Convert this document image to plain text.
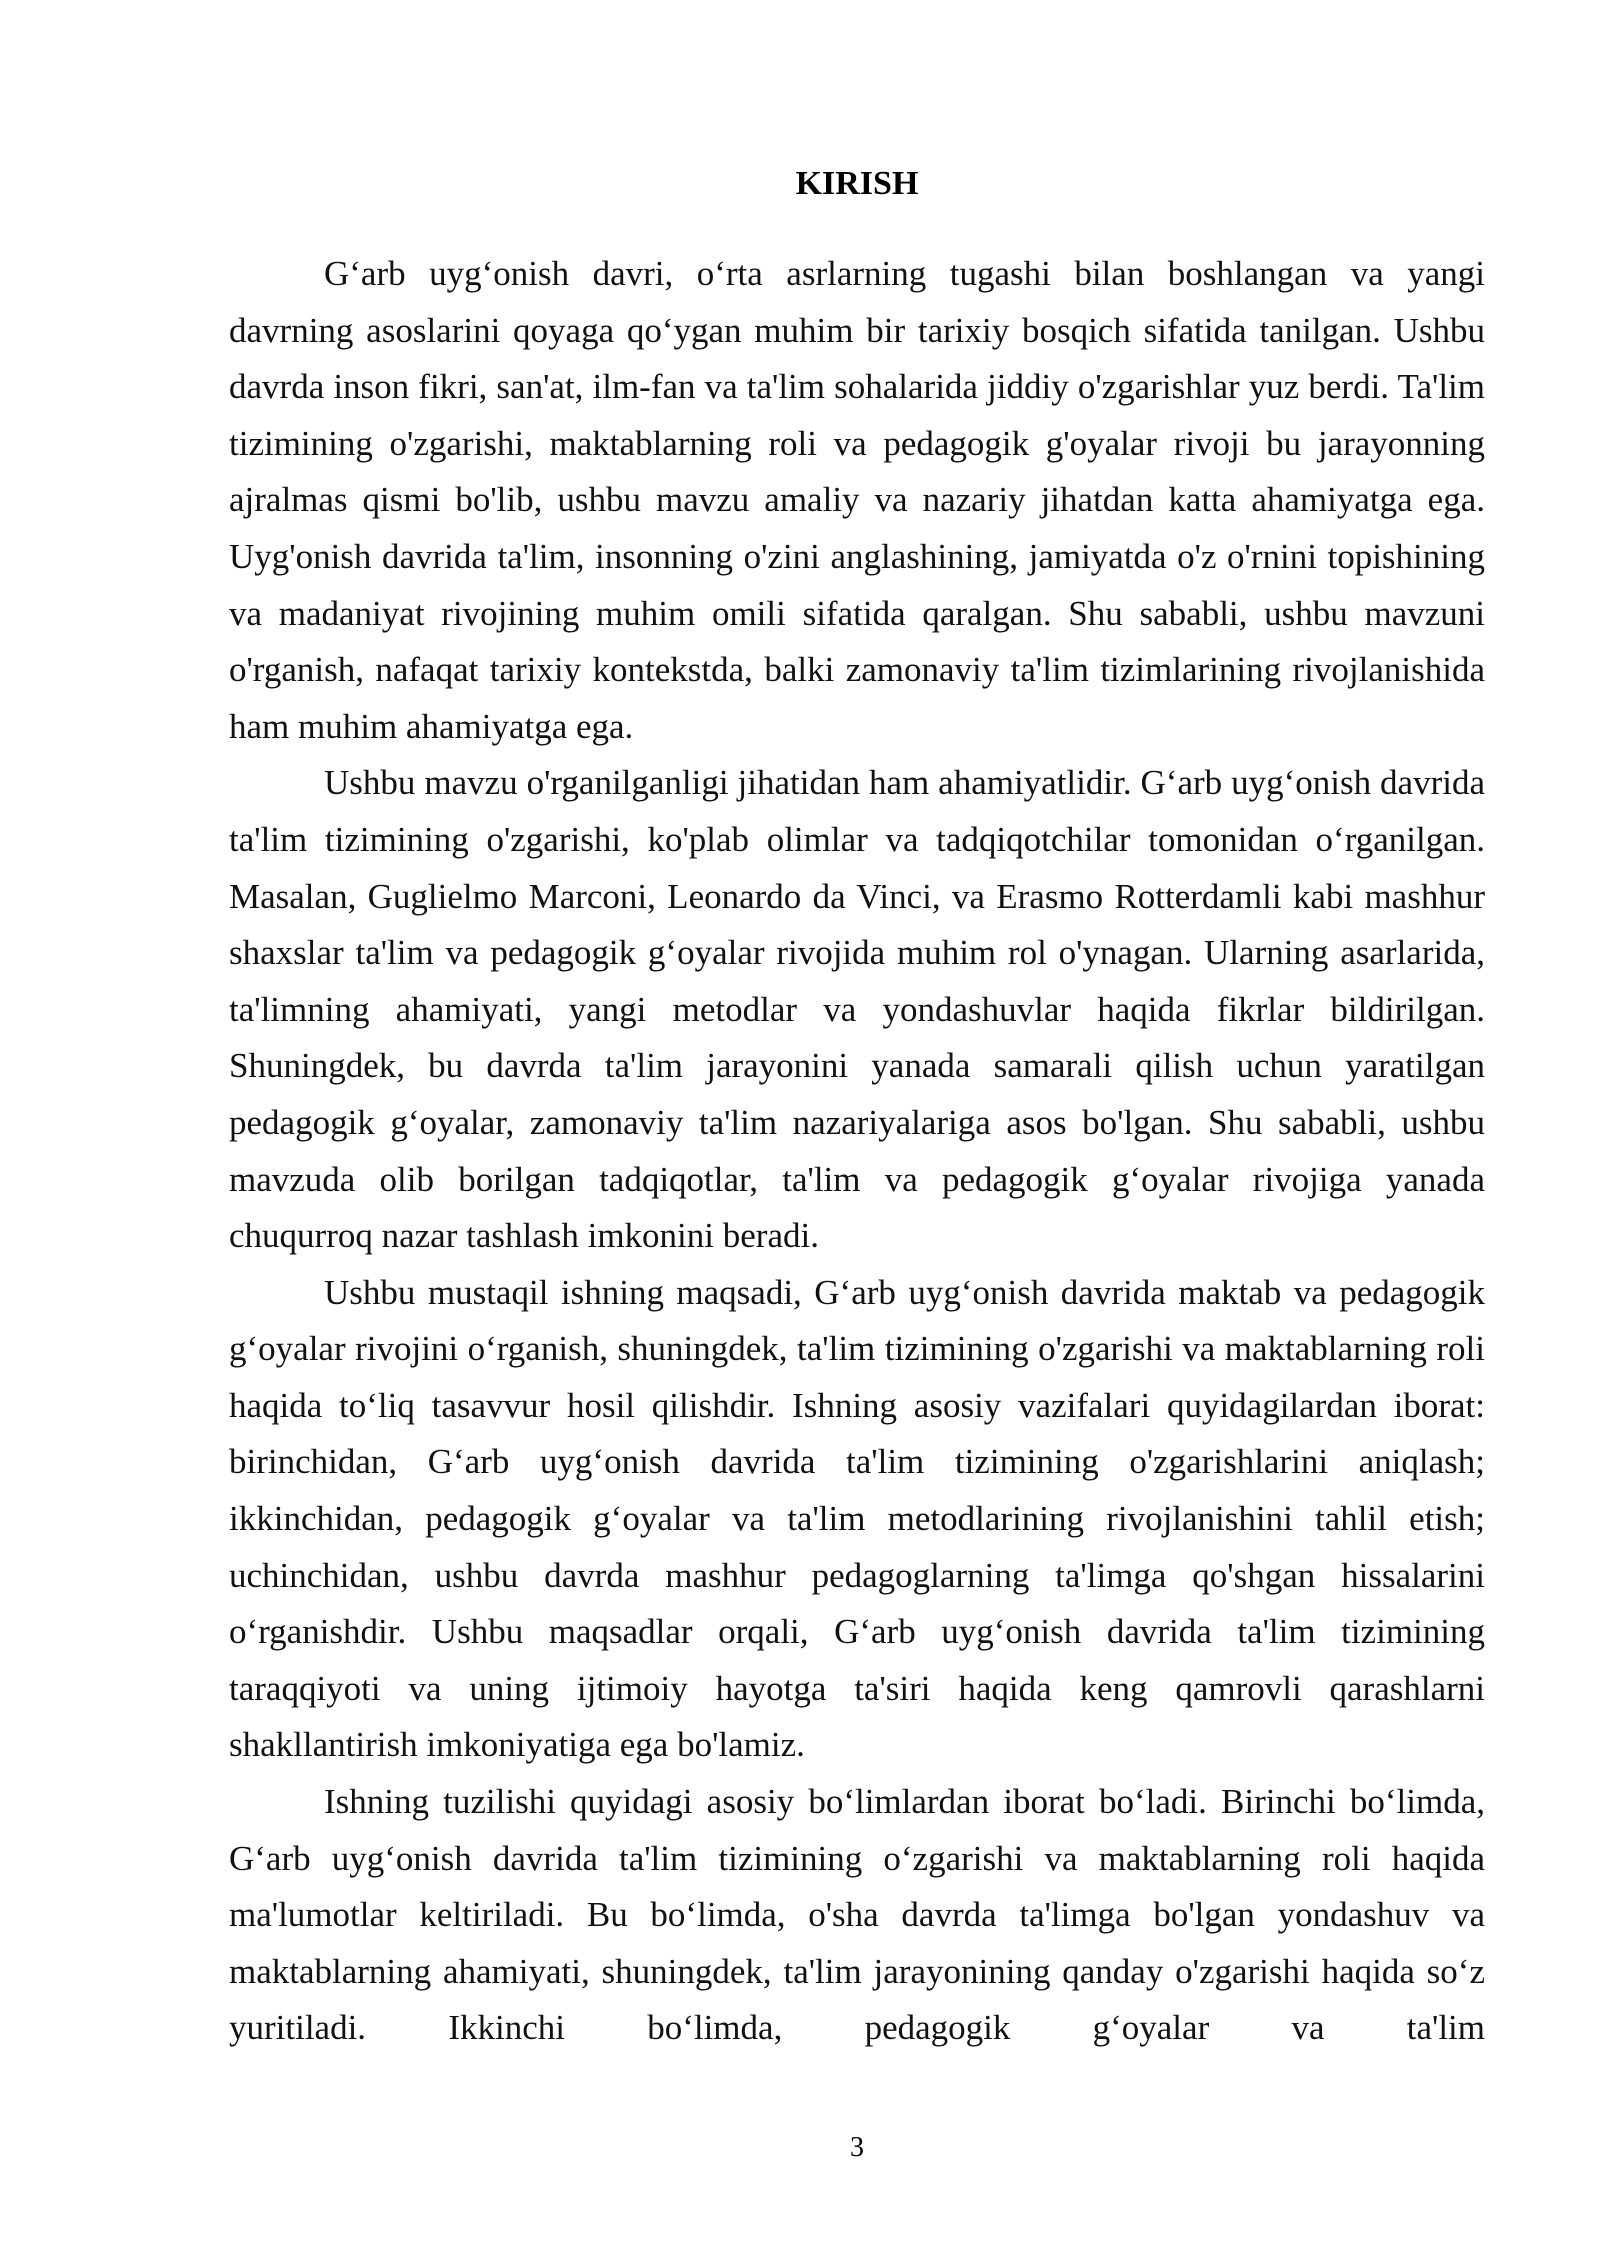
KIRISH

G‘arb uyg‘onish davri, o‘rta asrlarning tugashi bilan boshlangan va yangi davrning asoslarini qoyaga qo‘ygan muhim bir tarixiy bosqich sifatida tanilgan. Ushbu davrda inson fikri, san'at, ilm-fan va ta'lim sohalarida jiddiy o'zgarishlar yuz berdi. Ta'lim tizimining o'zgarishi, maktablarning roli va pedagogik g'oyalar rivoji bu jarayonning ajralmas qismi bo'lib, ushbu mavzu amaliy va nazariy jihatdan katta ahamiyatga ega. Uyg'onish davrida ta'lim, insonning o'zini anglashining, jamiyatda o'z o'rnini topishining va madaniyat rivojining muhim omili sifatida qaralgan. Shu sababli, ushbu mavzuni o'rganish, nafaqat tarixiy kontekstda, balki zamonaviy ta'lim tizimlarining rivojlanishida ham muhim ahamiyatga ega.

Ushbu mavzu o'rganilganligi jihatidan ham ahamiyatlidir. G‘arb uyg‘onish davrida ta'lim tizimining o'zgarishi, ko'plab olimlar va tadqiqotchilar tomonidan o‘rganilgan. Masalan, Guglielmo Marconi, Leonardo da Vinci, va Erasmo Rotterdamli kabi mashhur shaxslar ta'lim va pedagogik g‘oyalar rivojida muhim rol o'ynagan. Ularning asarlarida, ta'limning ahamiyati, yangi metodlar va yondashuvlar haqida fikrlar bildirilgan. Shuningdek, bu davrda ta'lim jarayonini yanada samarali qilish uchun yaratilgan pedagogik g‘oyalar, zamonaviy ta'lim nazariyalariga asos bo'lgan. Shu sababli, ushbu mavzuda olib borilgan tadqiqotlar, ta'lim va pedagogik g‘oyalar rivojiga yanada chuqurroq nazar tashlash imkonini beradi.

Ushbu mustaqil ishning maqsadi, G‘arb uyg‘onish davrida maktab va pedagogik g‘oyalar rivojini o‘rganish, shuningdek, ta'lim tizimining o'zgarishi va maktablarning roli haqida to‘liq tasavvur hosil qilishdir. Ishning asosiy vazifalari quyidagilardan iborat: birinchidan, G‘arb uyg‘onish davrida ta'lim tizimining o'zgarishlarini aniqlash; ikkinchidan, pedagogik g‘oyalar va ta'lim metodlarining rivojlanishini tahlil etish; uchinchidan, ushbu davrda mashhur pedagoglarning ta'limga qo'shgan hissalarini o‘rganishdir. Ushbu maqsadlar orqali, G‘arb uyg‘onish davrida ta'lim tizimining taraqqiyoti va uning ijtimoiy hayotga ta'siri haqida keng qamrovli qarashlarni shakllantirish imkoniyatiga ega bo'lamiz.

Ishning tuzilishi quyidagi asosiy bo‘limlardan iborat bo‘ladi. Birinchi bo‘limda, G‘arb uyg‘onish davrida ta'lim tizimining o‘zgarishi va maktablarning roli haqida ma'lumotlar keltiriladi. Bu bo‘limda, o'sha davrda ta'limga bo'lgan yondashuv va maktablarning ahamiyati, shuningdek, ta'lim jarayonining qanday o'zgarishi haqida so‘z yuritiladi. Ikkinchi bo‘limda, pedagogik g‘oyalar va ta'lim

3
